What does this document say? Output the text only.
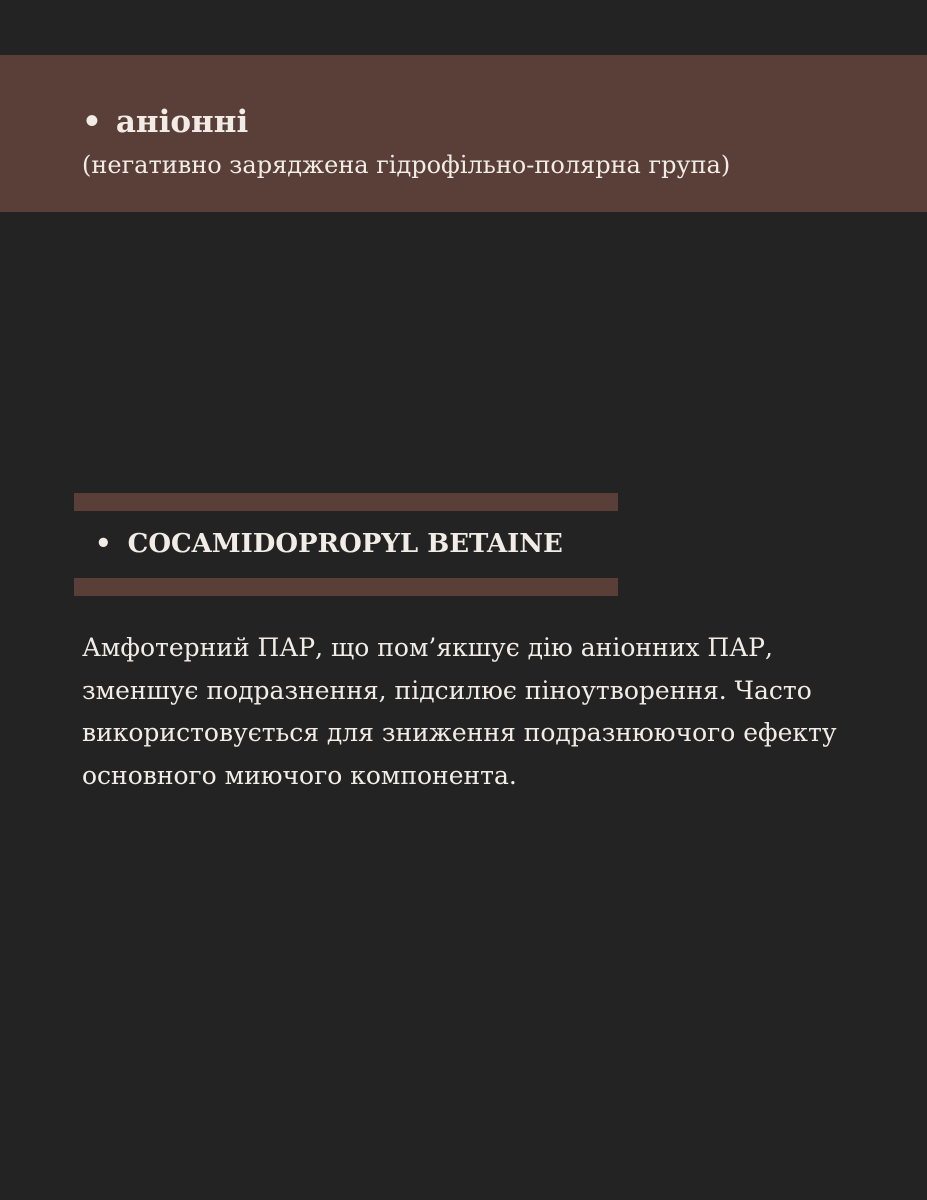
• аніонні
(негативно заряджена гідрофільно-полярна група)
• COCAMIDOPROPYL BETAINE
Амфотерний ПАР, що пом’якшує дію аніонних ПАР, зменшує подразнення, підсилює піноутворення. Часто використовується для зниження подразнюючого ефекту основного миючого компонента.
